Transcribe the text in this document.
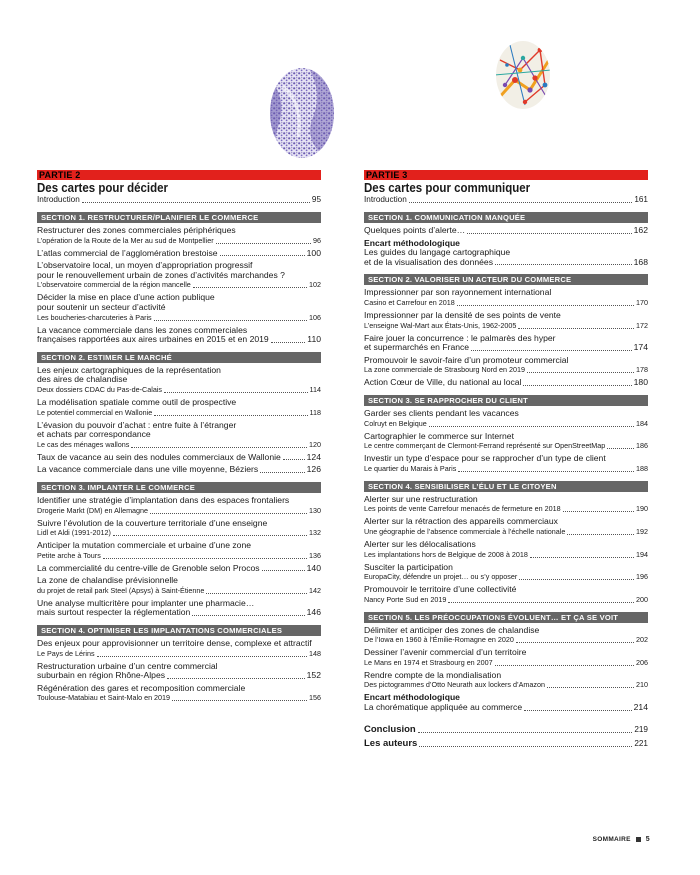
PARTIE 2
Des cartes pour décider
Introduction	95
SECTION 1. RESTRUCTURER/PLANIFIER LE COMMERCE
Restructurer des zones commerciales périphériques
L’opération de la Route de la Mer au sud de Montpellier	96
L’atlas commercial de l’agglomération brestoise	100
L’observatoire local, un moyen d’appropriation progressif
pour le renouvellement urbain de zones d’activités marchandes ?
L’observatoire commercial de la région mancelle	102
Décider la mise en place d’une action publique
pour soutenir un secteur d’activité
Les boucheries-charcuteries à Paris	106
La vacance commerciale dans les zones commerciales
françaises rapportées aux aires urbaines en 2015 et en 2019	110
SECTION 2. ESTIMER LE MARCHÉ
Les enjeux cartographiques de la représentation
des aires de chalandise
Deux dossiers CDAC du Pas-de-Calais	114
La modélisation spatiale comme outil de prospective
Le potentiel commercial en Wallonie	118
L’évasion du pouvoir d’achat : entre fuite à l’étranger
et achats par correspondance
Le cas des ménages wallons	120
Taux de vacance au sein des nodules commerciaux de Wallonie	124
La vacance commerciale dans une ville moyenne, Béziers	126
SECTION 3. IMPLANTER LE COMMERCE
Identifier une stratégie d’implantation dans des espaces frontaliers
Drogerie Markt (DM) en Allemagne	130
Suivre l’évolution de la couverture territoriale d’une enseigne
Lidl et Aldi (1991-2012)	132
Anticiper la mutation commerciale et urbaine d’une zone
Petite arche à Tours	136
La commercialité du centre-ville de Grenoble selon Procos	140
La zone de chalandise prévisionnelle
du projet de retail park Steel (Apsys) à Saint-Étienne	142
Une analyse multicritère pour implanter une pharmacie…
mais surtout respecter la réglementation	146
SECTION 4. OPTIMISER LES IMPLANTATIONS COMMERCIALES
Des enjeux pour approvisionner un territoire dense, complexe et attractif
Le Pays de Lérins	148
Restructuration urbaine d’un centre commercial
suburbain en région Rhône-Alpes	152
Régénération des gares et recomposition commerciale
Toulouse-Matabiau et Saint-Malo en 2019	156
PARTIE 3
Des cartes pour communiquer
Introduction	161
SECTION 1. COMMUNICATION MANQUÉE
Quelques points d’alerte…	162
Encart méthodologique
Les guides du langage cartographique
et de la visualisation des données	168
SECTION 2. VALORISER UN ACTEUR DU COMMERCE
Impressionner par son rayonnement international
Casino et Carrefour en 2018	170
Impressionner par la densité de ses points de vente
L’enseigne Wal-Mart aux États-Unis, 1962-2005	172
Faire jouer la concurrence : le palmarès des hyper
et supermarchés en France	174
Promouvoir le savoir-faire d’un promoteur commercial
La zone commerciale de Strasbourg Nord en 2019	178
Action Cœur de Ville, du national au local	180
SECTION 3. SE RAPPROCHER DU CLIENT
Garder ses clients pendant les vacances
Colruyt en Belgique	184
Cartographier le commerce sur Internet
Le centre commerçant de Clermont-Ferrand représenté sur OpenStreetMap	186
Investir un type d’espace pour se rapprocher d’un type de client
Le quartier du Marais à Paris	188
SECTION 4. SENSIBILISER L’ÉLU ET LE CITOYEN
Alerter sur une restructuration
Les points de vente Carrefour menacés de fermeture en 2018	190
Alerter sur la rétraction des appareils commerciaux
Une géographie de l’absence commerciale à l’échelle nationale	192
Alerter sur les délocalisations
Les implantations hors de Belgique de 2008 à 2018	194
Susciter la participation
EuropaCity, défendre un projet… ou s’y opposer	196
Promouvoir le territoire d’une collectivité
Nancy Porte Sud en 2019	200
SECTION 5. LES PRÉOCCUPATIONS ÉVOLUENT… ET ÇA SE VOIT
Délimiter et anticiper des zones de chalandise
De l’Iowa en 1960 à l’Émilie-Romagne en 2020	202
Dessiner l’avenir commercial d’un territoire
Le Mans en 1974 et Strasbourg en 2007	206
Rendre compte de la mondialisation
Des pictogrammes d’Otto Neurath aux lockers d’Amazon	210
Encart méthodologique
La chorématique appliquée au commerce	214
Conclusion	219
Les auteurs	221
SOMMAIRE 5
